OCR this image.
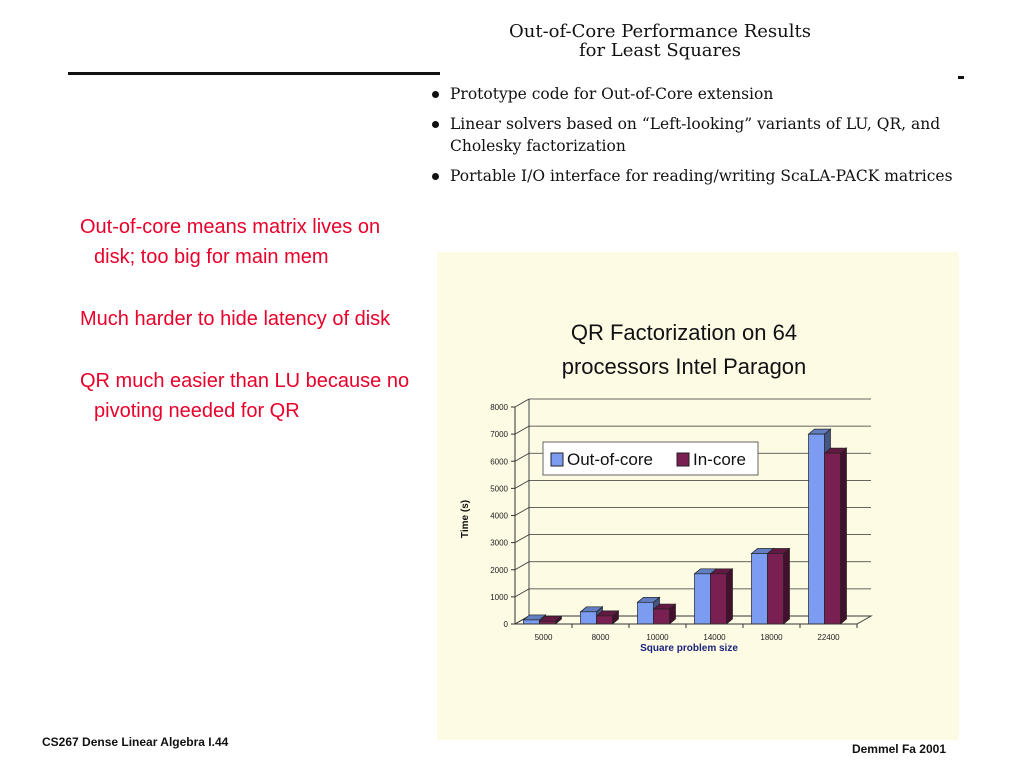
Out-of-Core Performance Results
for Least Squares
Prototype code for Out-of-Core extension
Linear solvers based on “Left-looking” variants of LU, QR, and Cholesky factorization
Portable I/O interface for reading/writing ScaLA-PACK matrices

Out-of-core means matrix lives on disk; too big for main mem

Much harder to hide latency of disk

QR much easier than LU because no pivoting needed for QR

QR Factorization on 64
processors Intel Paragon
0
1000
2000
3000
4000
5000
6000
7000
8000
5000	8000	10000	14000	18000	22400
Square problem size
Time (s)
Out-of-core In-core
CS267 Dense Linear Algebra I.44	Demmel Fa 2001
